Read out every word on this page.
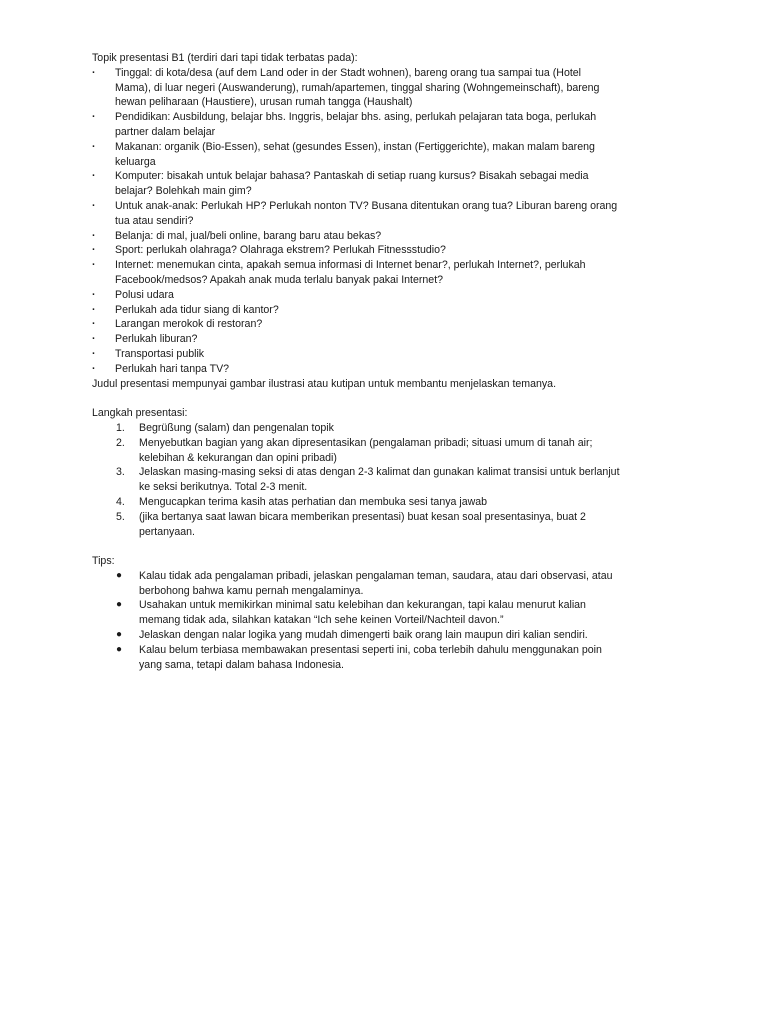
Topik presentasi B1 (terdiri dari tapi tidak terbatas pada):
· Tinggal: di kota/desa (auf dem Land oder in der Stadt wohnen), bareng orang tua sampai tua (Hotel
Mama), di luar negeri (Auswanderung), rumah/apartemen, tinggal sharing (Wohngemeinschaft), bareng
hewan peliharaan (Haustiere), urusan rumah tangga (Haushalt)
· Pendidikan: Ausbildung, belajar bhs. Inggris, belajar bhs. asing, perlukah pelajaran tata boga, perlukah
partner dalam belajar
· Makanan: organik (Bio-Essen), sehat (gesundes Essen), instan (Fertiggerichte), makan malam bareng
keluarga
· Komputer: bisakah untuk belajar bahasa? Pantaskah di setiap ruang kursus? Bisakah sebagai media
belajar? Bolehkah main gim?
· Untuk anak-anak: Perlukah HP? Perlukah nonton TV? Busana ditentukan orang tua? Liburan bareng orang
tua atau sendiri?
· Belanja: di mal, jual/beli online, barang baru atau bekas?
· Sport: perlukah olahraga? Olahraga ekstrem? Perlukah Fitnessstudio?
· Internet: menemukan cinta, apakah semua informasi di Internet benar?, perlukah Internet?, perlukah
Facebook/medsos? Apakah anak muda terlalu banyak pakai Internet?
· Polusi udara
· Perlukah ada tidur siang di kantor?
· Larangan merokok di restoran?
· Perlukah liburan?
· Transportasi publik
· Perlukah hari tanpa TV?
Judul presentasi mempunyai gambar ilustrasi atau kutipan untuk membantu menjelaskan temanya.
Langkah presentasi:
1. Begrüßung (salam) dan pengenalan topik
2. Menyebutkan bagian yang akan dipresentasikan (pengalaman pribadi; situasi umum di tanah air;
kelebihan & kekurangan dan opini pribadi)
3. Jelaskan masing-masing seksi di atas dengan 2-3 kalimat dan gunakan kalimat transisi untuk berlanjut
ke seksi berikutnya. Total 2-3 menit.
4. Mengucapkan terima kasih atas perhatian dan membuka sesi tanya jawab
5. (jika bertanya saat lawan bicara memberikan presentasi) buat kesan soal presentasinya, buat 2
pertanyaan.
Tips:
● Kalau tidak ada pengalaman pribadi, jelaskan pengalaman teman, saudara, atau dari observasi, atau
berbohong bahwa kamu pernah mengalaminya.
● Usahakan untuk memikirkan minimal satu kelebihan dan kekurangan, tapi kalau menurut kalian
memang tidak ada, silahkan katakan “Ich sehe keinen Vorteil/Nachteil davon.”
● Jelaskan dengan nalar logika yang mudah dimengerti baik orang lain maupun diri kalian sendiri.
● Kalau belum terbiasa membawakan presentasi seperti ini, coba terlebih dahulu menggunakan poin
yang sama, tetapi dalam bahasa Indonesia.
